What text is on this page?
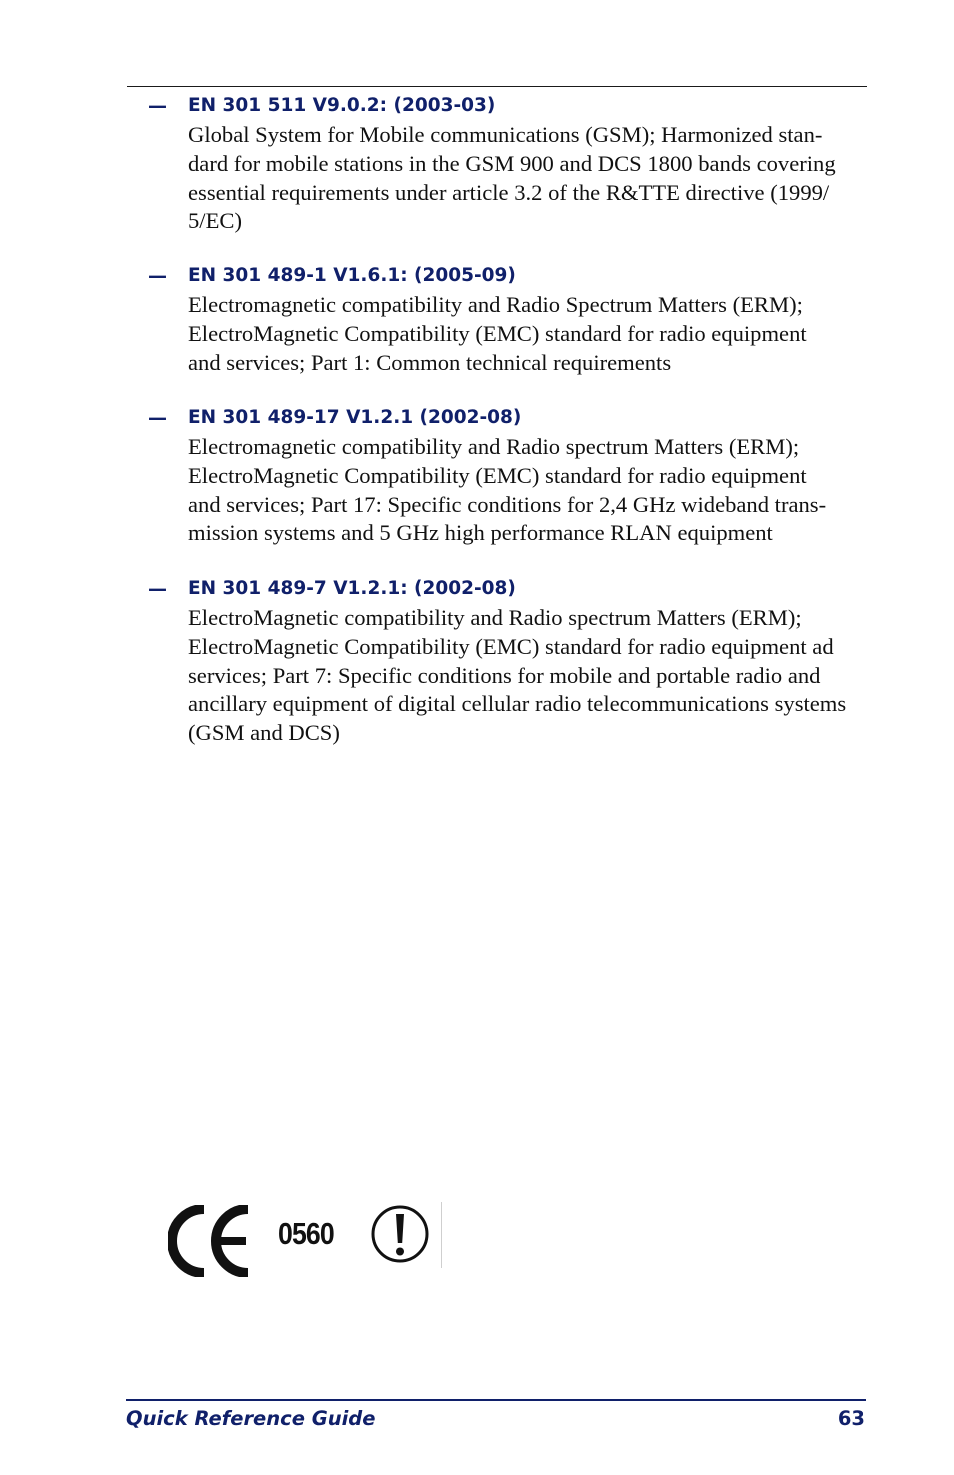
— EN 301 511 V9.0.2: (2003-03)
Global System for Mobile communications (GSM); Harmonized stan-
dard for mobile stations in the GSM 900 and DCS 1800 bands covering
essential requirements under article 3.2 of the R&TTE directive (1999/
5/EC)
— EN 301 489-1 V1.6.1: (2005-09)
Electromagnetic compatibility and Radio Spectrum Matters (ERM);
ElectroMagnetic Compatibility (EMC) standard for radio equipment
and services; Part 1: Common technical requirements
— EN 301 489-17 V1.2.1 (2002-08)
Electromagnetic compatibility and Radio spectrum Matters (ERM);
ElectroMagnetic Compatibility (EMC) standard for radio equipment
and services; Part 17: Specific conditions for 2,4 GHz wideband trans-
mission systems and 5 GHz high performance RLAN equipment
— EN 301 489-7 V1.2.1: (2002-08)
ElectroMagnetic compatibility and Radio spectrum Matters (ERM);
ElectroMagnetic Compatibility (EMC) standard for radio equipment ad
services; Part 7: Specific conditions for mobile and portable radio and
ancillary equipment of digital cellular radio telecommunications systems
(GSM and DCS)
0560
Quick Reference Guide	63
